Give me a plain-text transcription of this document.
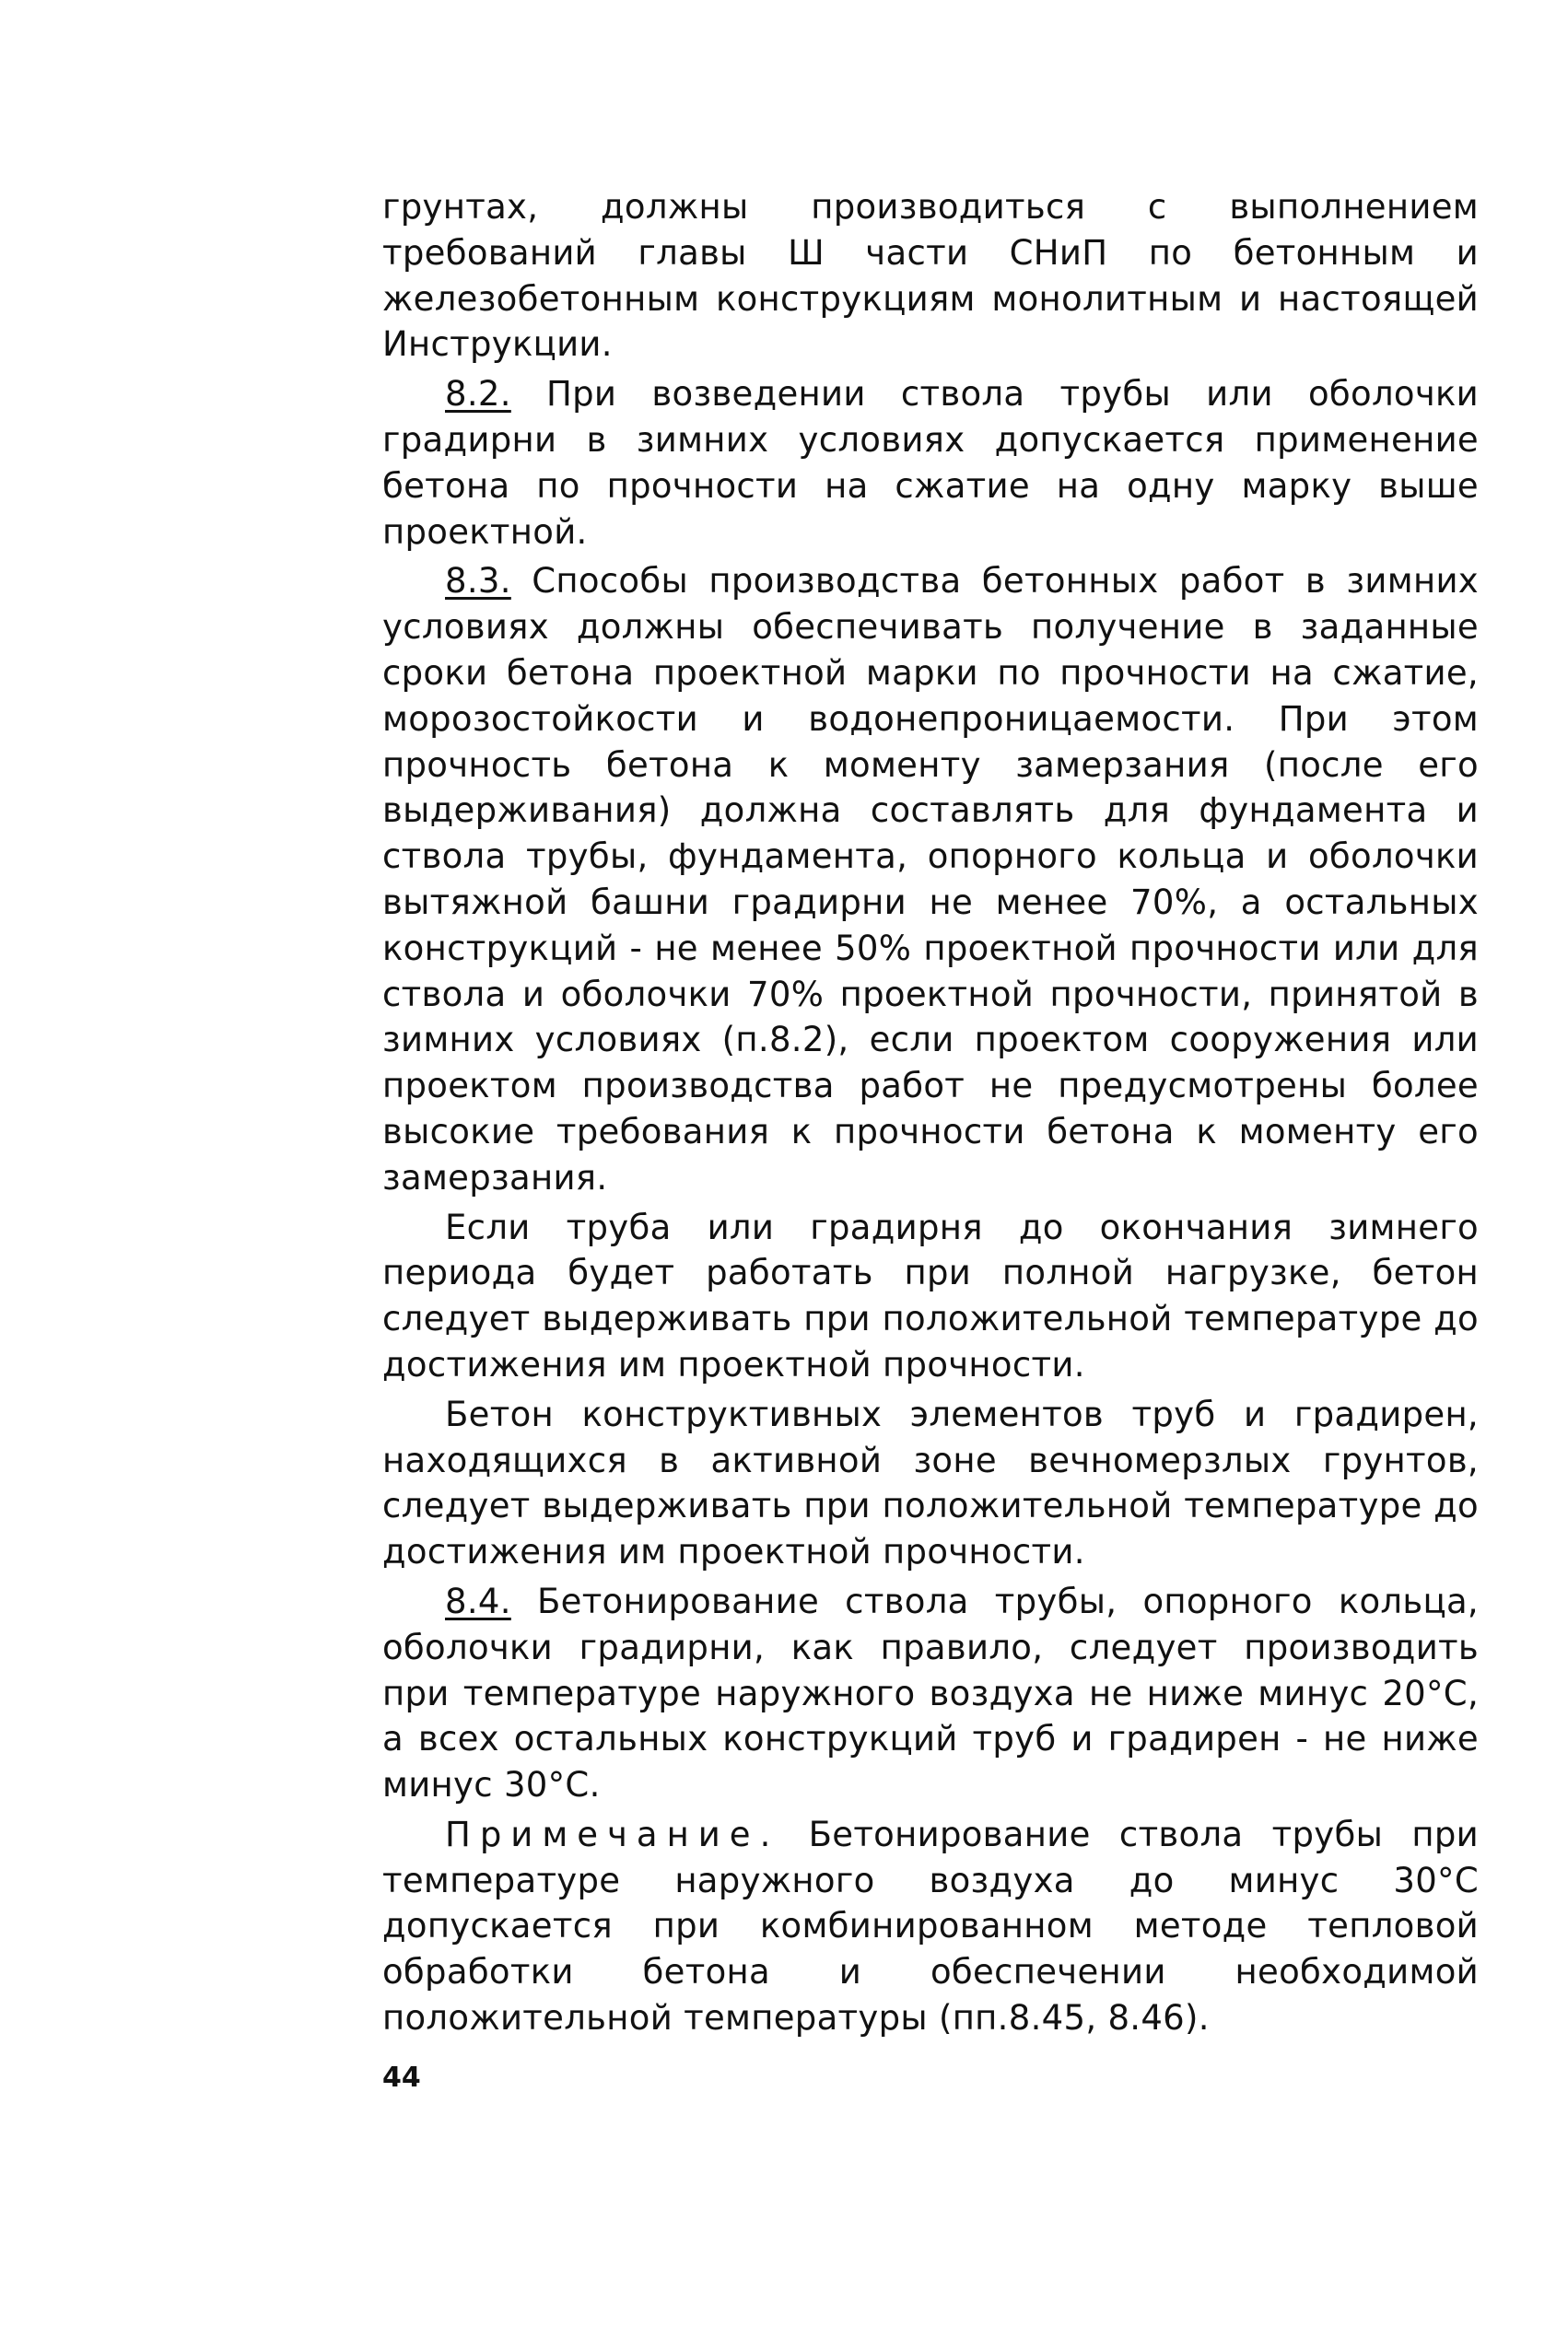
грунтах, должны производиться с выполнением требований главы Ш части СНиП по бетонным и железобетонным конструкциям монолитным и настоящей Инструкции.

8.2. При возведении ствола трубы или оболочки градирни в зимних условиях допускается применение бетона по прочности на сжатие на одну марку выше проектной.

8.3. Способы производства бетонных работ в зимних условиях должны обеспечивать получение в заданные сроки бетона проектной марки по прочности на сжатие, морозостойкости и водонепроницаемости. При этом прочность бетона к моменту замерзания (после его выдерживания) должна составлять для фундамента и ствола трубы, фундамента, опорного кольца и оболочки вытяжной башни градирни не менее 70%, а остальных конструкций - не менее 50% проектной прочности или для ствола и оболочки 70% проектной прочности, принятой в зимних условиях (п.8.2), если проектом сооружения или проектом производства работ не предусмотрены более высокие требования к прочности бетона к моменту его замерзания.

Если труба или градирня до окончания зимнего периода будет работать при полной нагрузке, бетон следует выдерживать при положительной температуре до достижения им проектной прочности.

Бетон конструктивных элементов труб и градирен, находящихся в активной зоне вечномерзлых грунтов, следует выдерживать при положительной температуре до достижения им проектной прочности.

8.4. Бетонирование ствола трубы, опорного кольца, оболочки градирни, как правило, следует производить при температуре наружного воздуха не ниже минус 20°С, а всех остальных конструкций труб и градирен - не ниже минус 30°С.

Примечание. Бетонирование ствола трубы при температуре наружного воздуха до минус 30°С допускается при комбинированном методе тепловой обработки бетона и обеспечении необходимой положительной температуры (пп.8.45, 8.46).

44
